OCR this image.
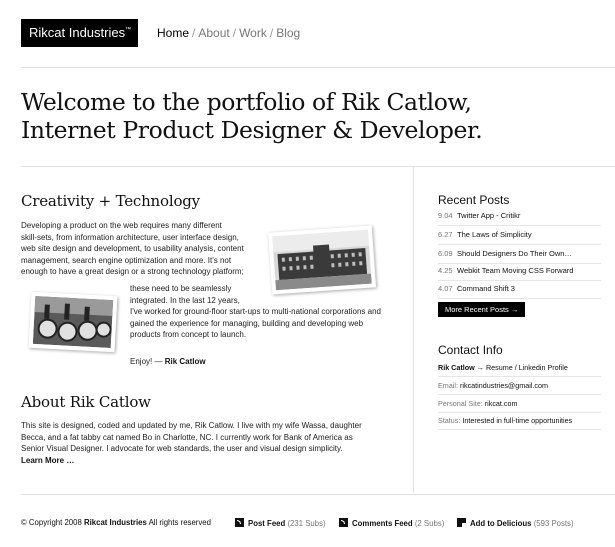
Rikcat Industries™	Home / About / Work / Blog
Welcome to the portfolio of Rik Catlow,
Internet Product Designer & Developer.
Creativity + Technology
Developing a product on the web requires many different
skill-sets, from information architecture, user interface design,
web site design and development, to usability analysis, content
management, search engine optimization and more. It's not
enough to have a great design or a strong technology platform;
these need to be seamlessly
integrated. In the last 12 years,
I've worked for ground-floor start-ups to multi-national corporations and
gained the experience for managing, building and developing web
products from concept to launch.
Enjoy! — Rik Catlow
About Rik Catlow
This site is designed, coded and updated by me, Rik Catlow. I live with my wife Wassa, daughter
Becca, and a fat tabby cat named Bo in Charlotte, NC. I currently work for Bank of America as
Senior Visual Designer. I advocate for web standards, the user and visual design simplicity.
Learn More …
Recent Posts
9.04 Twitter App - Critikr
6.27 The Laws of Simplicity
6.09 Should Designers Do Their Own…
4.25 Webkit Team Moving CSS Forward
4.07 Command Shift 3
More Recent Posts →
Contact Info
Rik Catlow → Resume / Linkedin Profile
Email: rikcatindustries@gmail.com
Personal Site: rikcat.com
Status: Interested in full-time opportunities
© Copyright 2008 Rikcat Industries All rights reserved	Post Feed (231 Subs)	Comments Feed (2 Subs)	Add to Delicious (593 Posts)
